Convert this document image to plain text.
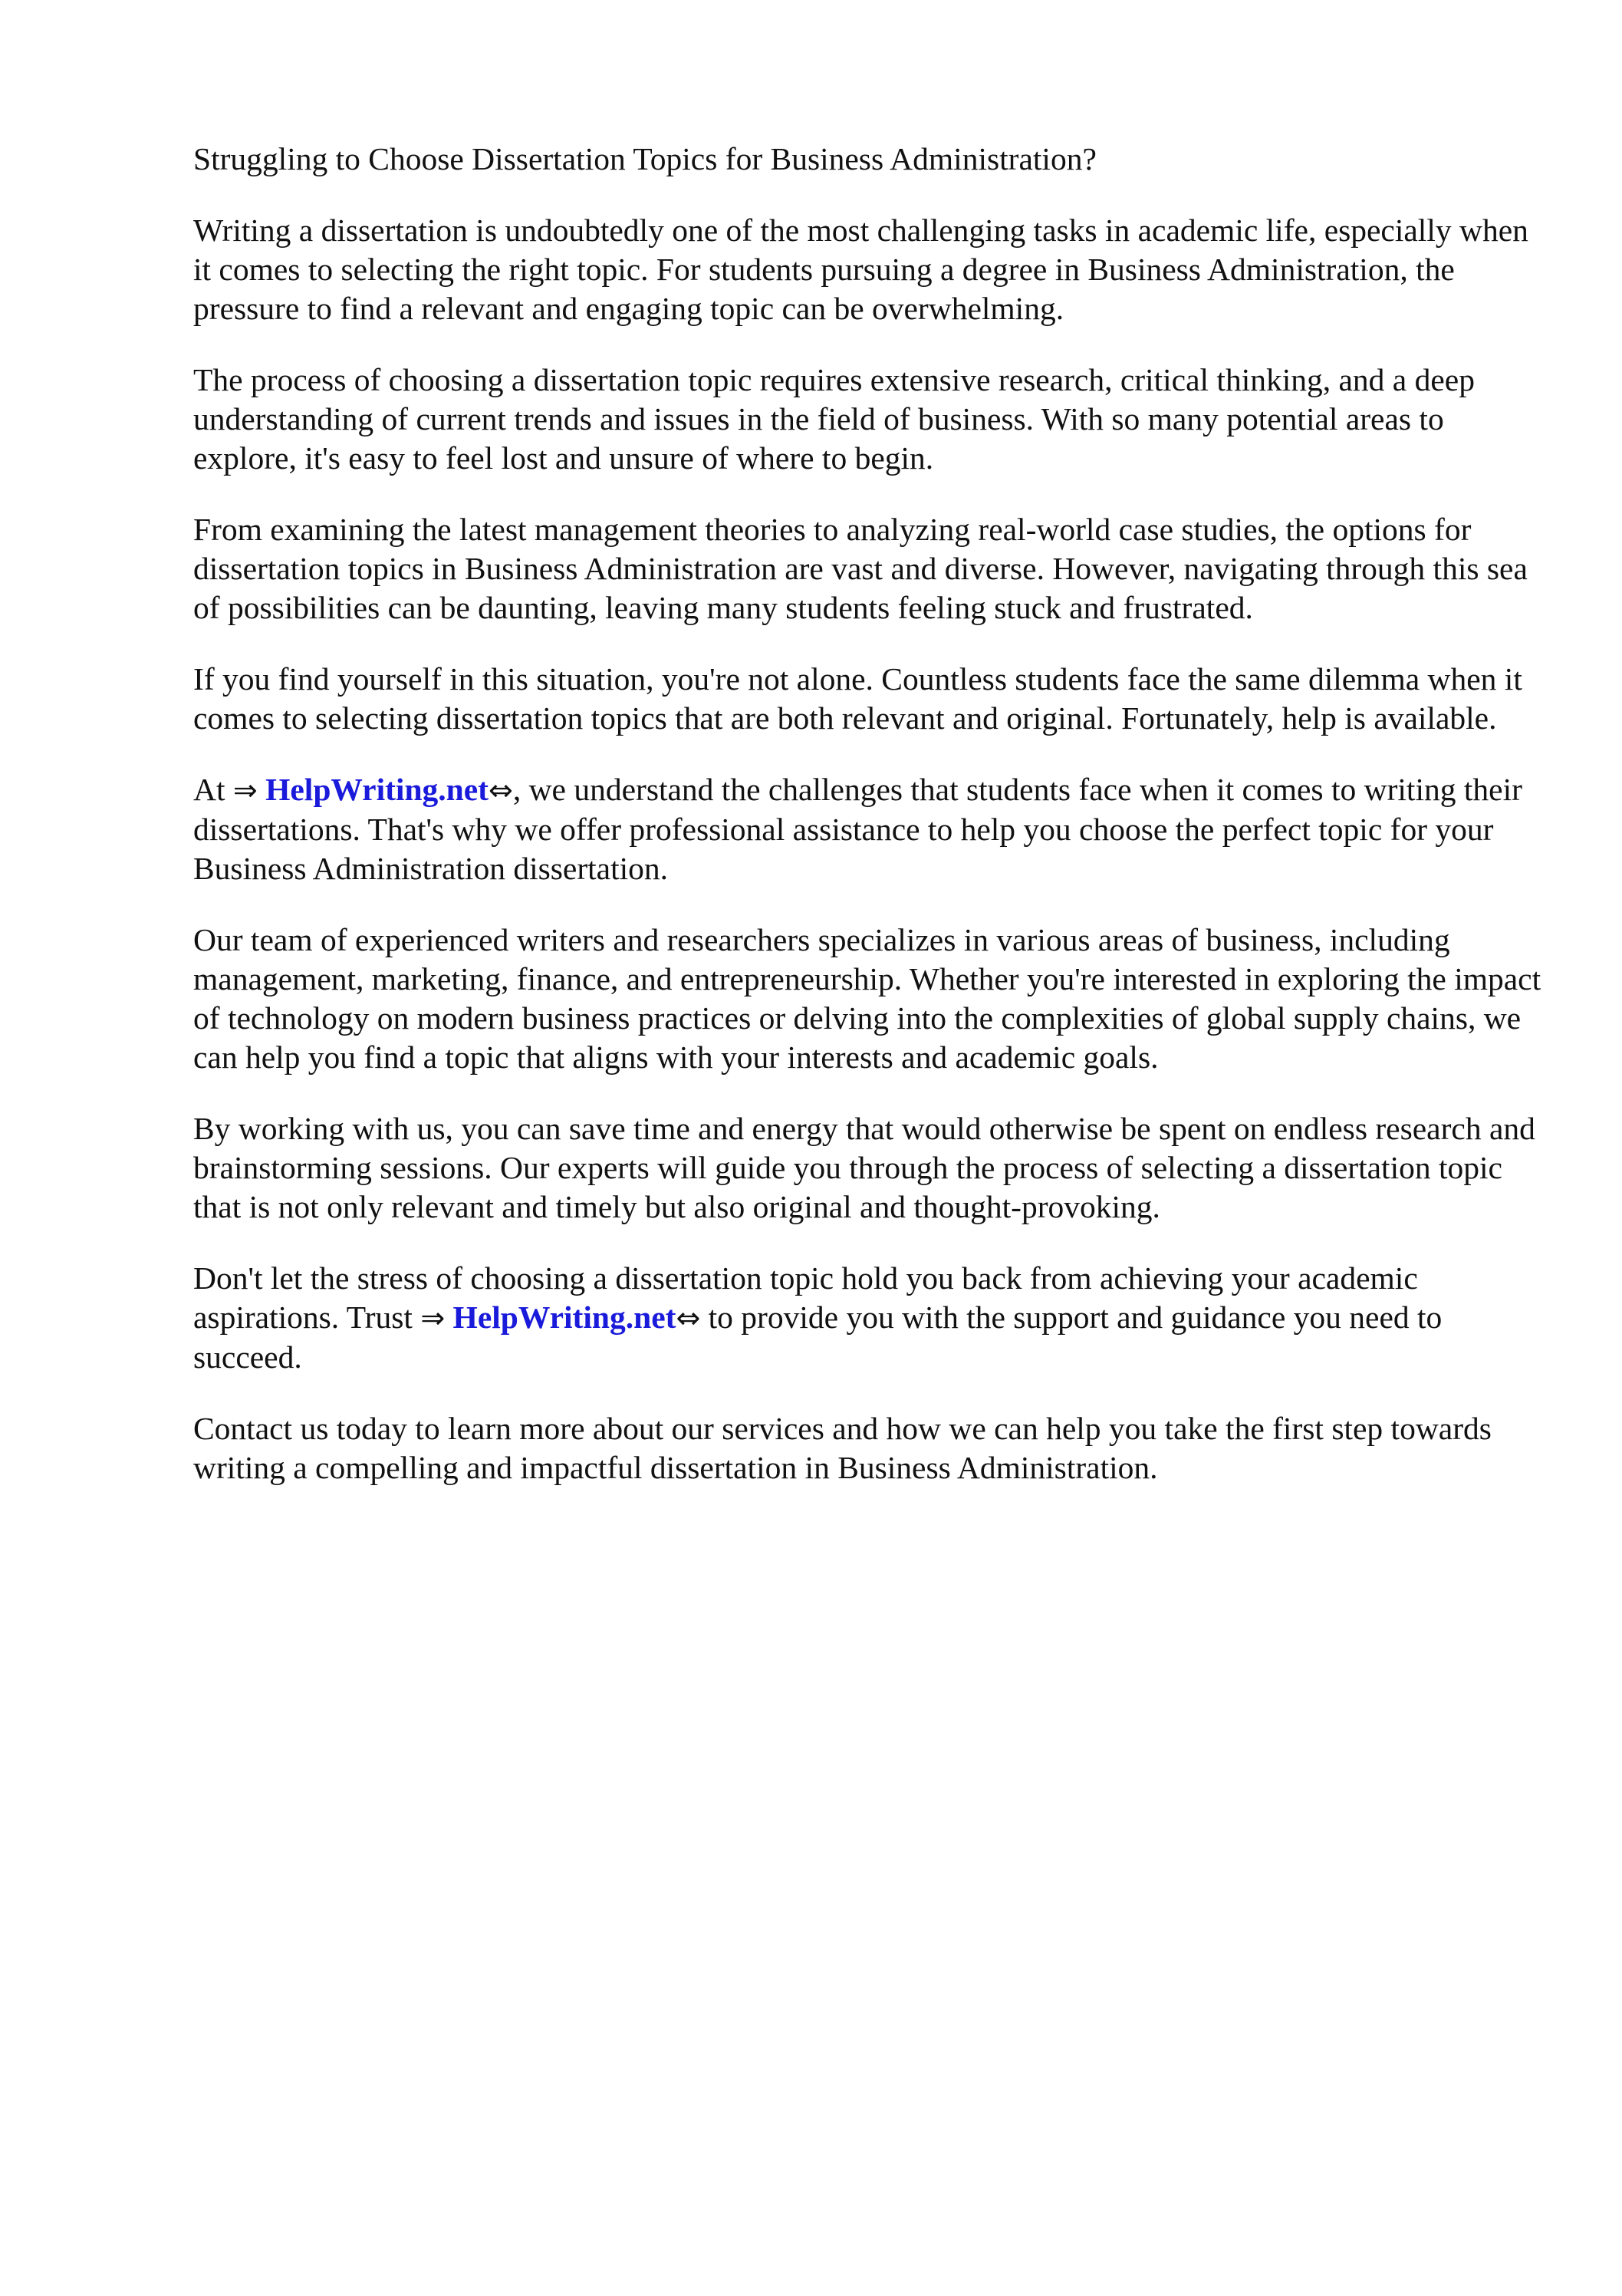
Struggling to Choose Dissertation Topics for Business Administration?

Writing a dissertation is undoubtedly one of the most challenging tasks in academic life, especially when it comes to selecting the right topic. For students pursuing a degree in Business Administration, the pressure to find a relevant and engaging topic can be overwhelming.

The process of choosing a dissertation topic requires extensive research, critical thinking, and a deep understanding of current trends and issues in the field of business. With so many potential areas to explore, it's easy to feel lost and unsure of where to begin.

From examining the latest management theories to analyzing real-world case studies, the options for dissertation topics in Business Administration are vast and diverse. However, navigating through this sea of possibilities can be daunting, leaving many students feeling stuck and frustrated.

If you find yourself in this situation, you're not alone. Countless students face the same dilemma when it comes to selecting dissertation topics that are both relevant and original. Fortunately, help is available.

At ⇒ HelpWriting.net⇔, we understand the challenges that students face when it comes to writing their dissertations. That's why we offer professional assistance to help you choose the perfect topic for your Business Administration dissertation.

Our team of experienced writers and researchers specializes in various areas of business, including management, marketing, finance, and entrepreneurship. Whether you're interested in exploring the impact of technology on modern business practices or delving into the complexities of global supply chains, we can help you find a topic that aligns with your interests and academic goals.

By working with us, you can save time and energy that would otherwise be spent on endless research and brainstorming sessions. Our experts will guide you through the process of selecting a dissertation topic that is not only relevant and timely but also original and thought-provoking.

Don't let the stress of choosing a dissertation topic hold you back from achieving your academic aspirations. Trust ⇒ HelpWriting.net⇔ to provide you with the support and guidance you need to succeed.

Contact us today to learn more about our services and how we can help you take the first step towards writing a compelling and impactful dissertation in Business Administration.
